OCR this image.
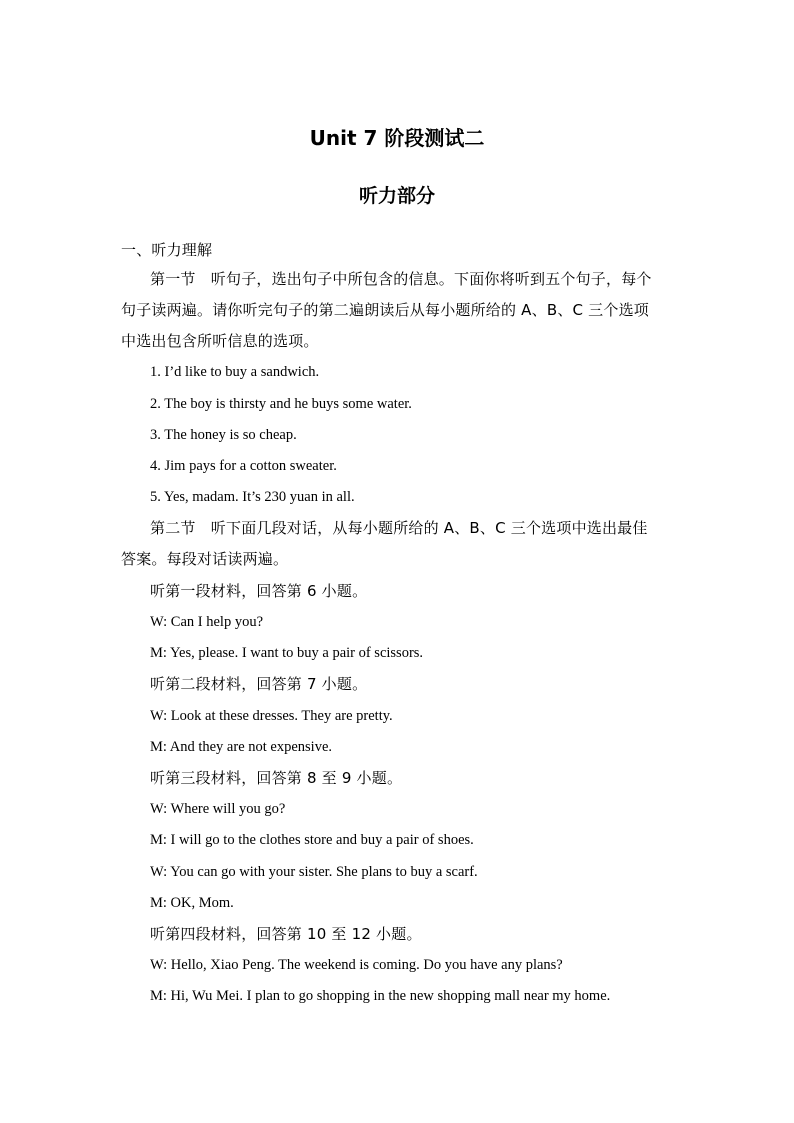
Unit 7 阶段测试二
听力部分
一、听力理解
第一节　听句子，选出句子中所包含的信息。下面你将听到五个句子，每个
句子读两遍。请你听完句子的第二遍朗读后从每小题所给的 A、B、C 三个选项
中选出包含所听信息的选项。
1. I’d like to buy a sandwich.
2. The boy is thirsty and he buys some water.
3. The honey is so cheap.
4. Jim pays for a cotton sweater.
5. Yes, madam. It’s 230 yuan in all.
第二节　听下面几段对话，从每小题所给的 A、B、C 三个选项中选出最佳
答案。每段对话读两遍。
听第一段材料，回答第 6 小题。
W: Can I help you?
M: Yes, please. I want to buy a pair of scissors.
听第二段材料，回答第 7 小题。
W: Look at these dresses. They are pretty.
M: And they are not expensive.
听第三段材料，回答第 8 至 9 小题。
W: Where will you go?
M: I will go to the clothes store and buy a pair of shoes.
W: You can go with your sister. She plans to buy a scarf.
M: OK, Mom.
听第四段材料，回答第 10 至 12 小题。
W: Hello, Xiao Peng. The weekend is coming. Do you have any plans?
M: Hi, Wu Mei. I plan to go shopping in the new shopping mall near my home.
